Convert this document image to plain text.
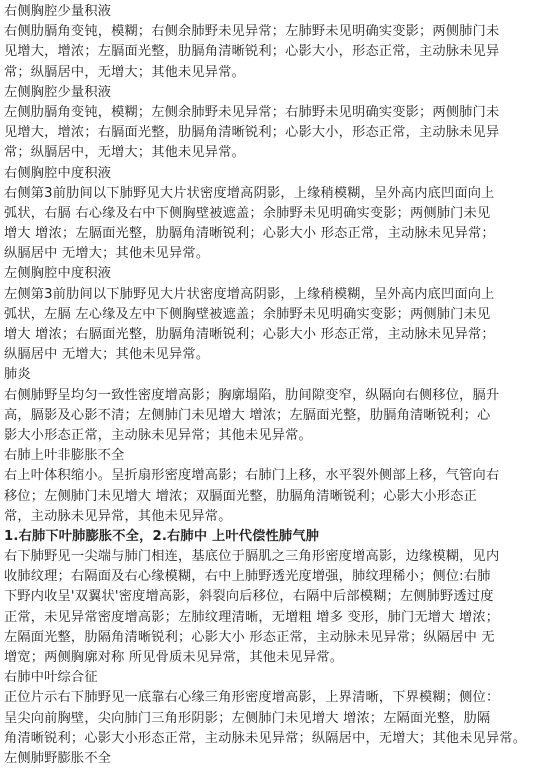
右侧胸腔少量积液
右侧肋膈角变钝，模糊；右侧余肺野未见异常；左肺野未见明确实变影；两侧肺门未
见增大，增浓；左膈面光整，肋膈角清晰锐利；心影大小，形态正常，主动脉未见异
常；纵膈居中，无增大；其他未见异常。
左侧胸腔少量积液
左侧肋膈角变钝，模糊；左侧余肺野未见异常；右肺野未见明确实变影；两侧肺门未
见增大，增浓；右膈面光整，肋膈角清晰锐利；心影大小，形态正常，主动脉未见异
常；纵膈居中，无增大；其他未见异常。
右侧胸腔中度积液
右侧第3前肋间以下肺野见大片状密度增高阴影，上缘稍模糊，呈外高内底凹面向上
弧状，右膈 右心缘及右中下侧胸壁被遮盖；余肺野未见明确实变影；两侧肺门未见
增大 增浓；左膈面光整，肋膈角清晰锐利；心影大小 形态正常，主动脉未见异常；
纵膈居中 无增大；其他未见异常。
左侧胸腔中度积液
左侧第3前肋间以下肺野见大片状密度增高阴影，上缘稍模糊，呈外高内底凹面向上
弧状，左膈 左心缘及左中下侧胸壁被遮盖；余肺野未见明确实变影；两侧肺门未见
增大 增浓；右膈面光整，肋膈角清晰锐利；心影大小 形态正常，主动脉未见异常；
纵膈居中 无增大；其他未见异常。
肺炎
右侧肺野呈均匀一致性密度增高影；胸廓塌陷，肋间隙变窄，纵隔向右侧移位，膈升
高，膈影及心影不清；左侧肺门未见增大 增浓；左膈面光整，肋膈角清晰锐利；心
影大小形态正常，主动脉未见异常；其他未见异常。
右肺上叶非膨胀不全
右上叶体积缩小。呈折扇形密度增高影；右肺门上移，水平裂外侧部上移，气管向右
移位；左侧肺门未见增大 增浓；双膈面光整，肋膈角清晰锐利；心影大小形态正
常，主动脉未见异常，其他未见异常。
1.右肺下叶肺膨胀不全，2.右肺中 上叶代偿性肺气肿
右下肺野见一尖端与肺门相连，基底位于膈肌之三角形密度增高影，边缘模糊，见内
收肺纹理；右隔面及右心缘模糊，右中上肺野透光度增强，肺纹理稀小；侧位:右肺
下野内收呈'双翼状'密度增高影，斜裂向后移位，右隔中后部模糊；左侧肺野透过度
正常，未见异常密度增高影；左肺纹理清晰，无增粗 增多 变形，肺门无增大 增浓；
左隔面光整，肋隔角清晰锐利；心影大小 形态正常，主动脉未见异常；纵隔居中 无
增宽；两侧胸廓对称 所见骨质未见异常，其他未见异常。
右肺中叶综合征
正位片示右下肺野见一底靠右心缘三角形密度增高影，上界清晰，下界模糊；侧位：
呈尖向前胸壁，尖向肺门三角形阴影；左侧肺门未见增大 增浓；左隔面光整，肋隔
角清晰锐利；心影大小形态正常，主动脉未见异常；纵隔居中，无增大；其他未见异常。
左侧肺野膨胀不全
